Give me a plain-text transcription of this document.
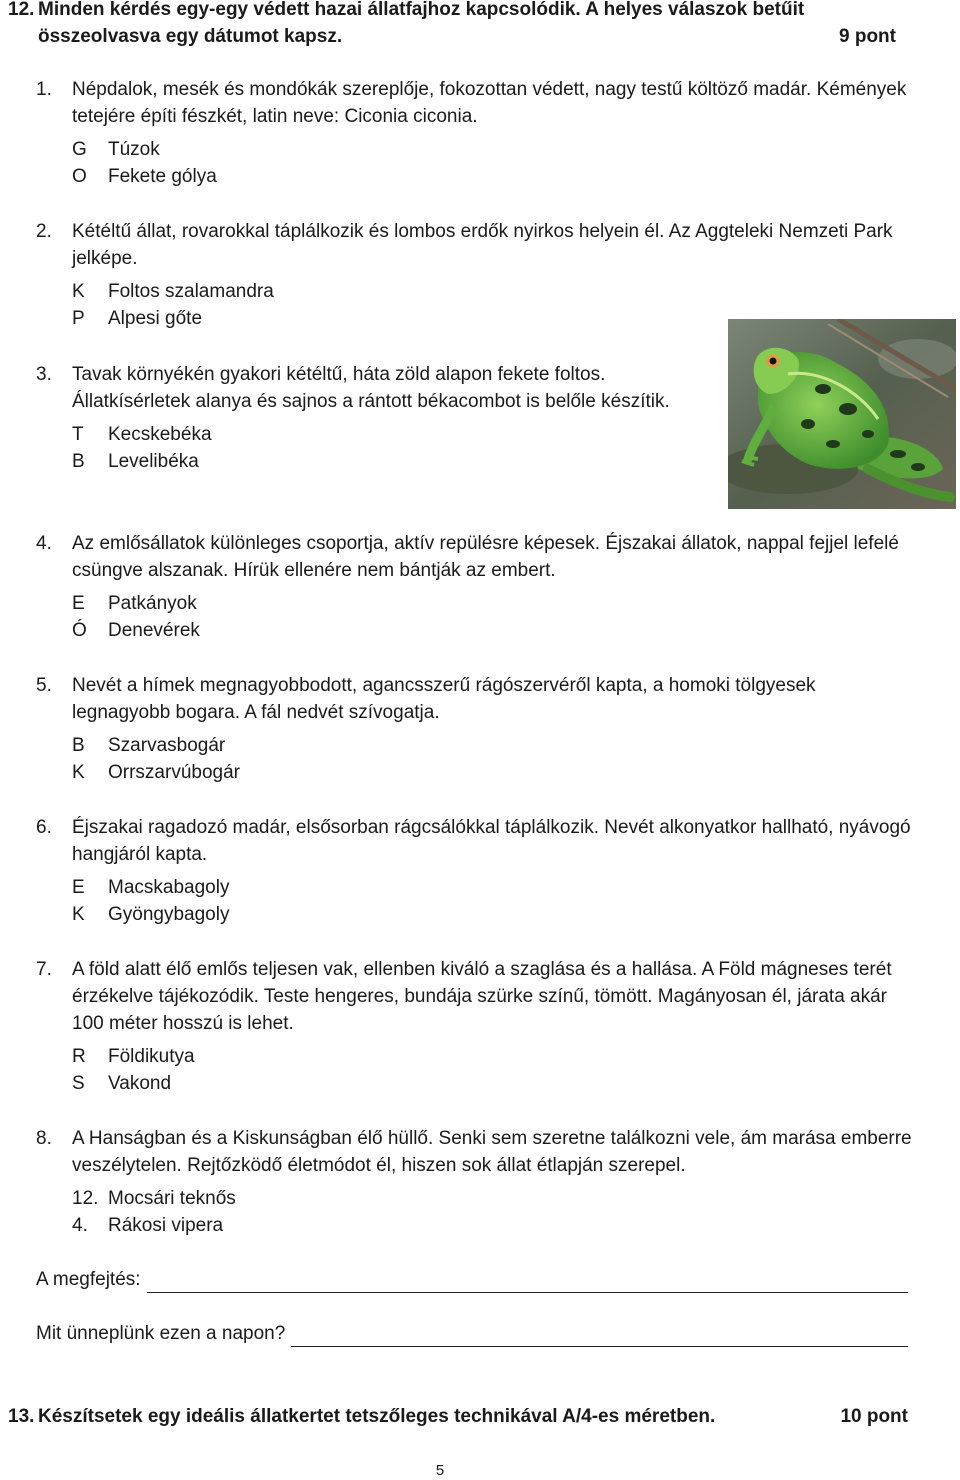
12. Minden kérdés egy-egy védett hazai állatfajhoz kapcsolódik. A helyes válaszok betűit
összeolvasva egy dátumot kapsz.	9 pont
1. Népdalok, mesék és mondókák szereplője, fokozottan védett, nagy testű költöző madár. Kémények tetejére építi fészkét, latin neve: Ciconia ciconia.
G	Túzok
O	Fekete gólya
2. Kétéltű állat, rovarokkal táplálkozik és lombos erdők nyirkos helyein él. Az Aggteleki Nemzeti Park jelképe.
K	Foltos szalamandra
P	Alpesi gőte
3. Tavak környékén gyakori kétéltű, háta zöld alapon fekete foltos. Állatkísérletek alanya és sajnos a rántott békacombot is belőle készítik.
T	Kecskebéka
B	Levelibéka
4. Az emlősállatok különleges csoportja, aktív repülésre képesek. Éjszakai állatok, nappal fejjel lefelé csüngve alszanak. Hírük ellenére nem bántják az embert.
E	Patkányok
Ó	Denevérek
5. Nevét a hímek megnagyobbodott, agancsszerű rágószervéről kapta, a homoki tölgyesek legnagyobb bogara. A fál nedvét szívogatja.
B	Szarvasbogár
K	Orrszarvúbogár
6. Éjszakai ragadozó madár, elsősorban rágcsálókkal táplálkozik. Nevét alkonyatkor hallható, nyávogó hangjáról kapta.
E	Macskabagoly
K	Gyöngybagoly
7. A föld alatt élő emlős teljesen vak, ellenben kiváló a szaglása és a hallása. A Föld mágneses terét érzékelve tájékozódik. Teste hengeres, bundája szürke színű, tömött. Magányosan él, járata akár 100 méter hosszú is lehet.
R	Földikutya
S	Vakond
8. A Hanságban és a Kiskunságban élő hüllő. Senki sem szeretne találkozni vele, ám marása emberre veszélytelen. Rejtőzködő életmódot él, hiszen sok állat étlapján szerepel.
12. Mocsári teknős
4.	Rákosi vipera
A megfejtés:
Mit ünneplünk ezen a napon?
13. Készítsetek egy ideális állatkertet tetszőleges technikával A/4-es méretben.	10 pont
5
